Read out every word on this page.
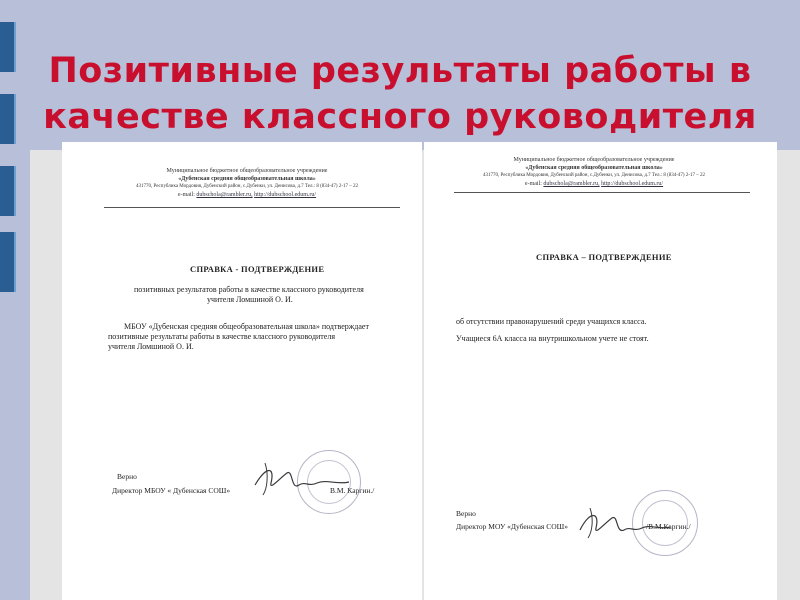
Позитивные результаты работы в
качестве классного руководителя
Муниципальное бюджетное общеобразовательное учреждение
«Дубенская средняя общеобразовательная школа»
431770, Республика Мордовия, Дубенский район, с.Дубенки, ул. Денисова, д.7 Тел.: 8 (834-47) 2-17 – 22
e-mail: dubschola@rambler.ru, http://dubschool.edum.ru/
СПРАВКА - ПОДТВЕРЖДЕНИЕ
позитивных результатов работы в качестве классного руководителя
учителя Ломшиной О. И.
МБОУ «Дубенская средняя общеобразовательная школа» подтверждает
позитивные результаты работы в качестве классного руководителя
учителя Ломшиной О. И.
Верно
Директор МБОУ « Дубенская СОШ»	В.М. Каргин./
Муниципальное бюджетное общеобразовательное учреждение
«Дубенская средняя общеобразовательная школа»
431770, Республика Мордовия, Дубенский район, с.Дубенки, ул. Денисова, д.7 Тел.: 8 (834-47) 2-17 – 22
e-mail: dubschola@rambler.ru, http://dubschool.edum.ru/
СПРАВКА – ПОДТВЕРЖДЕНИЕ
об отсутствии правонарушений среди учащихся класса.
Учащиеся 6А класса на внутришкольном учете не стоят.
Верно
Директор МОУ «Дубенская СОШ»	/В.М.Каргин./
